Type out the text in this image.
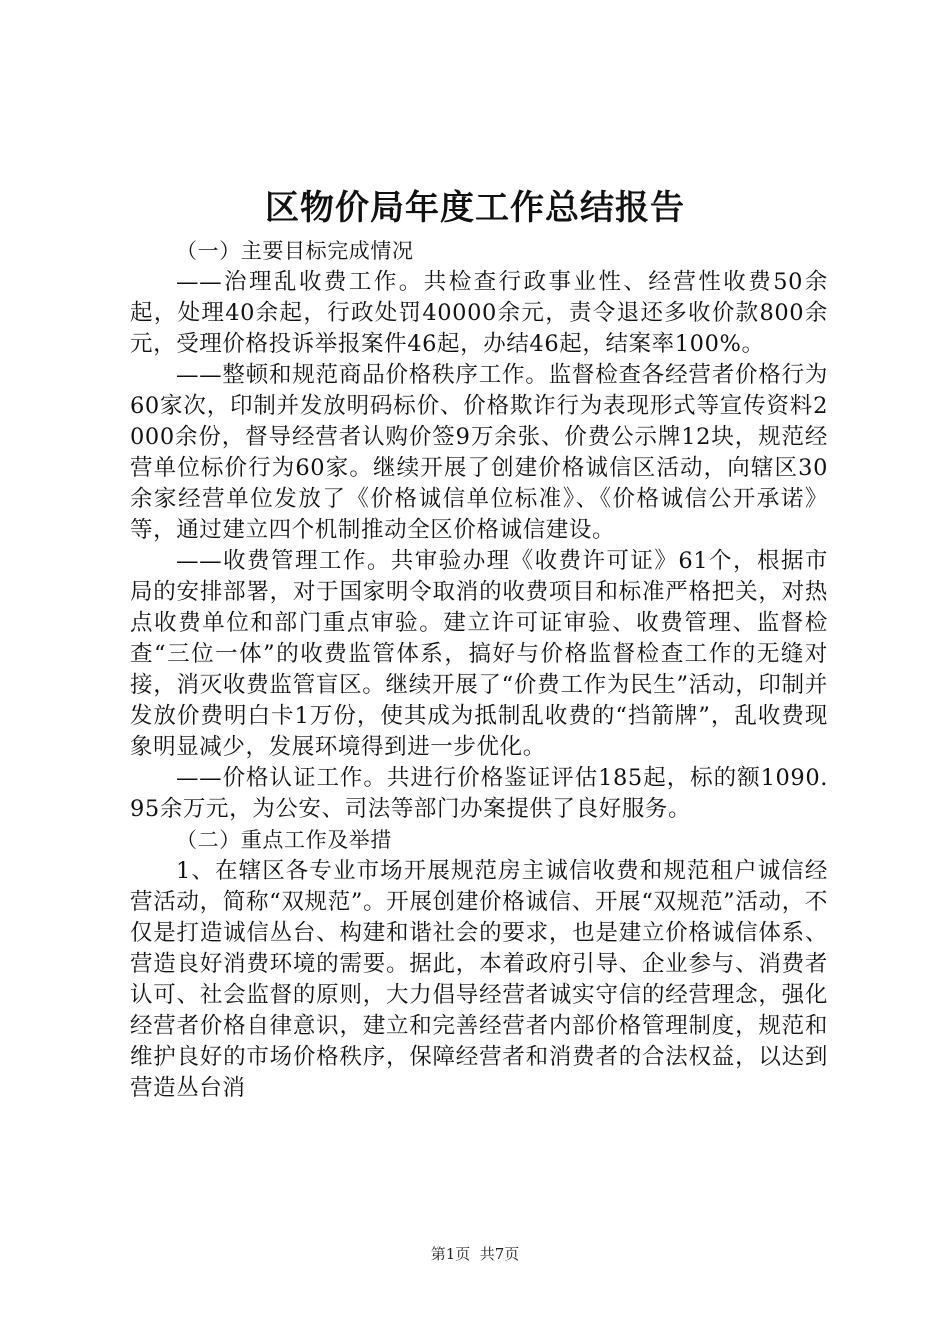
区物价局年度工作总结报告

（一）主要目标完成情况

——治理乱收费工作。共检查行政事业性、经营性收费50余起，处理40余起，行政处罚40000余元，责令退还多收价款800余元，受理价格投诉举报案件46起，办结46起，结案率100%。

——整顿和规范商品价格秩序工作。监督检查各经营者价格行为60家次，印制并发放明码标价、价格欺诈行为表现形式等宣传资料2000余份，督导经营者认购价签9万余张、价费公示牌12块，规范经营单位标价行为60家。继续开展了创建价格诚信区活动，向辖区30余家经营单位发放了《价格诚信单位标准》、《价格诚信公开承诺》等，通过建立四个机制推动全区价格诚信建设。

——收费管理工作。共审验办理《收费许可证》61个，根据市局的安排部署，对于国家明令取消的收费项目和标准严格把关，对热点收费单位和部门重点审验。建立许可证审验、收费管理、监督检查“三位一体”的收费监管体系，搞好与价格监督检查工作的无缝对接，消灭收费监管盲区。继续开展了“价费工作为民生”活动，印制并发放价费明白卡1万份，使其成为抵制乱收费的“挡箭牌”，乱收费现象明显减少，发展环境得到进一步优化。

——价格认证工作。共进行价格鉴证评估185起，标的额1090.95余万元，为公安、司法等部门办案提供了良好服务。

（二）重点工作及举措

1、在辖区各专业市场开展规范房主诚信收费和规范租户诚信经营活动，简称“双规范”。开展创建价格诚信、开展“双规范”活动，不仅是打造诚信丛台、构建和谐社会的要求，也是建立价格诚信体系、营造良好消费环境的需要。据此，本着政府引导、企业参与、消费者认可、社会监督的原则，大力倡导经营者诚实守信的经营理念，强化经营者价格自律意识，建立和完善经营者内部价格管理制度，规范和维护良好的市场价格秩序，保障经营者和消费者的合法权益，以达到营造丛台消

第1页  共7页
